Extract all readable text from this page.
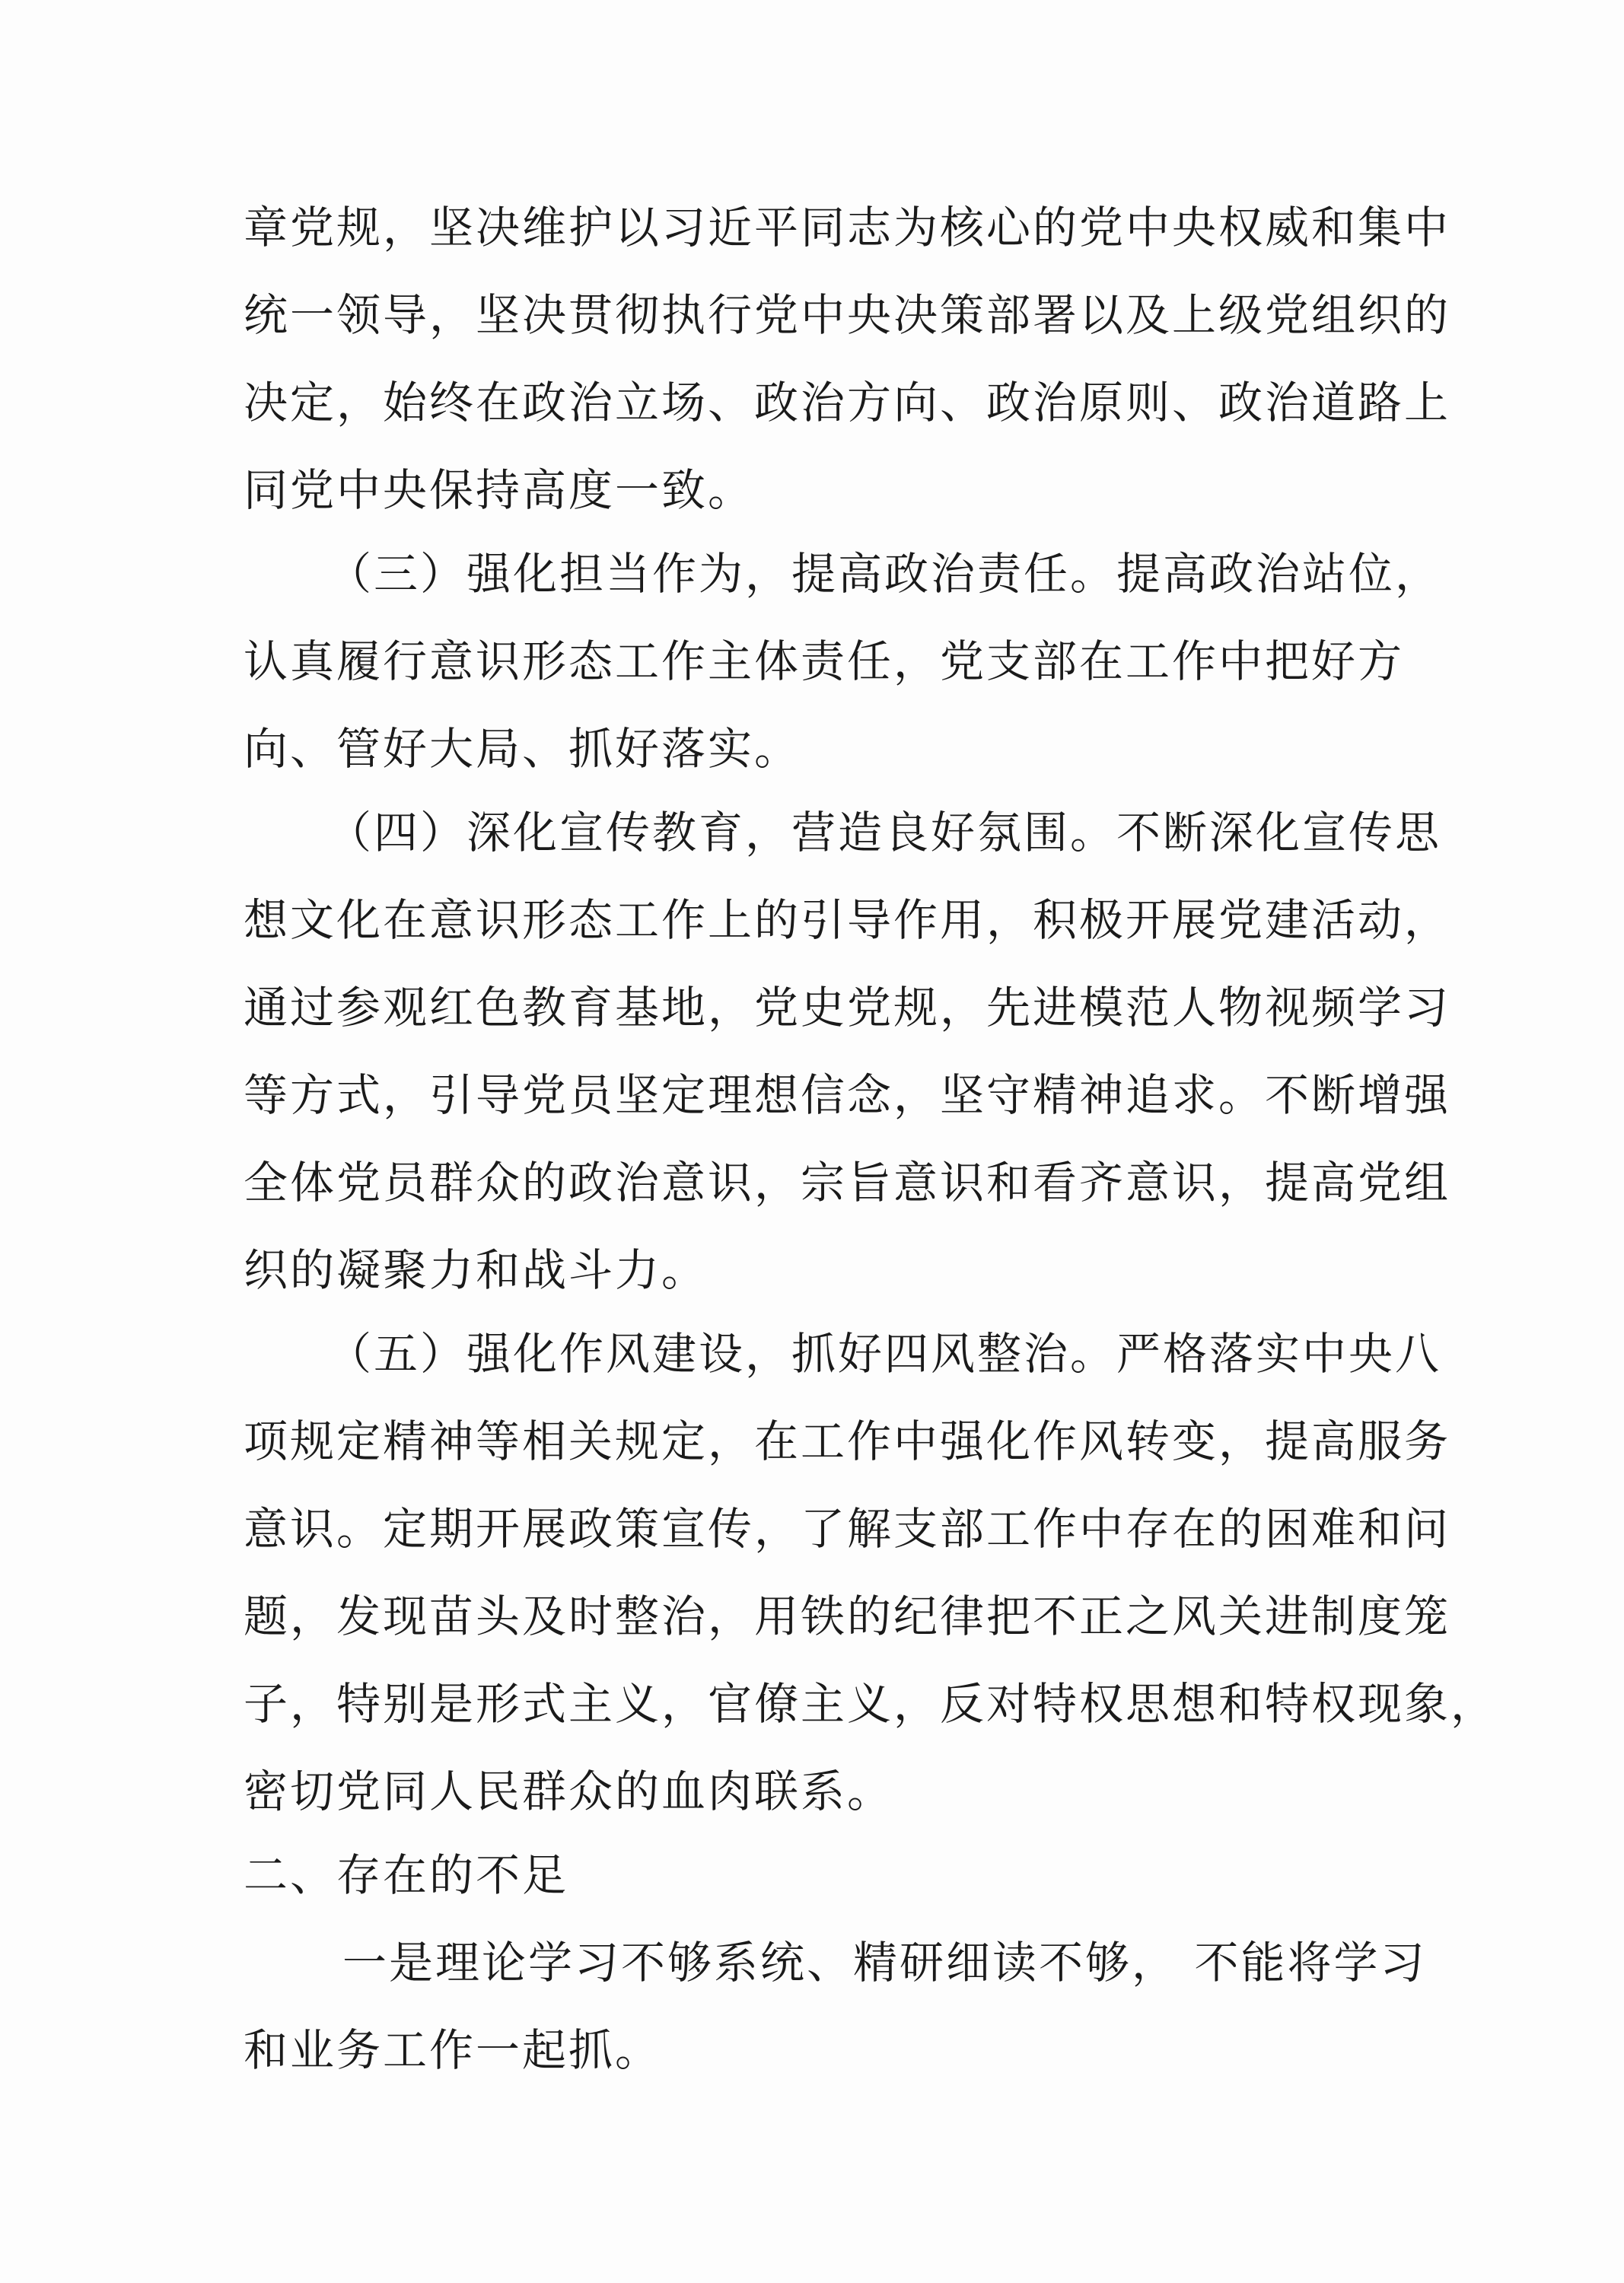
章党规，坚决维护以习近平同志为核心的党中央权威和集中
统一领导，坚决贯彻执行党中央决策部署以及上级党组织的
决定，始终在政治立场、政治方向、政治原则、政治道路上
同党中央保持高度一致。
（三）强化担当作为，提高政治责任。提高政治站位，
认真履行意识形态工作主体责任，党支部在工作中把好方
向、管好大局、抓好落实。
（四）深化宣传教育，营造良好氛围。不断深化宣传思
想文化在意识形态工作上的引导作用，积极开展党建活动，
通过参观红色教育基地，党史党规，先进模范人物视频学习
等方式，引导党员坚定理想信念，坚守精神追求。不断增强
全体党员群众的政治意识，宗旨意识和看齐意识，提高党组
织的凝聚力和战斗力。
（五）强化作风建设，抓好四风整治。严格落实中央八
项规定精神等相关规定，在工作中强化作风转变，提高服务
意识。定期开展政策宣传，了解支部工作中存在的困难和问
题，发现苗头及时整治，用铁的纪律把不正之风关进制度笼
子，特别是形式主义，官僚主义，反对特权思想和特权现象，
密切党同人民群众的血肉联系。
二、存在的不足
一是理论学习不够系统、精研细读不够， 不能将学习
和业务工作一起抓。
